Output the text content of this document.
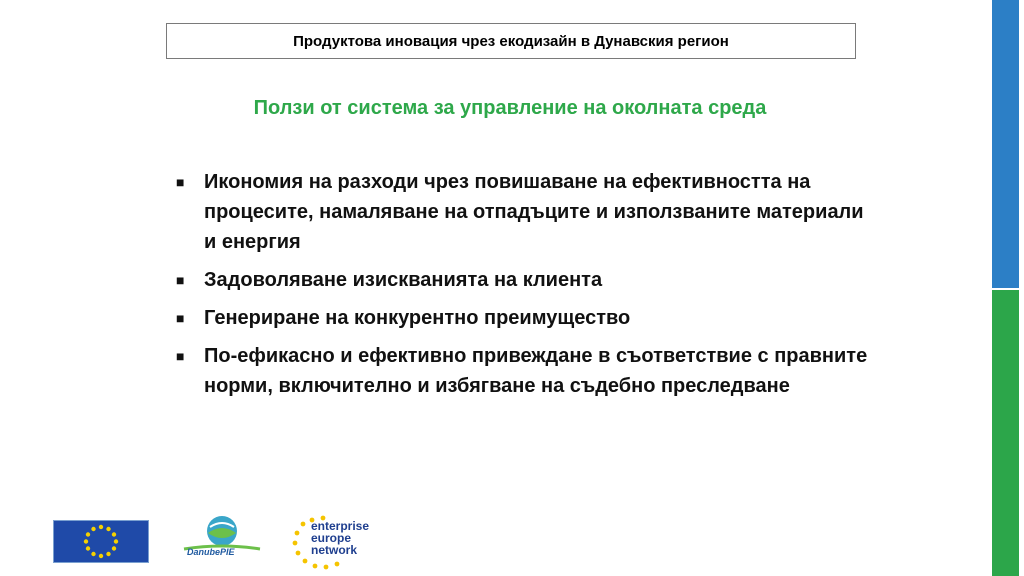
Продуктова иновация чрез екодизайн в Дунавския регион
Ползи от система за управление на околната среда
■ Икономия на разходи чрез повишаване на ефективността на процесите, намаляване на отпадъците и използваните материали и енергия
■ Задоволяване изискванията на клиента
■ Генериране на конкурентно преимущество
■ По-ефикасно и ефективно привеждане в съответствие с правните норми, включително и избягване на съдебно преследване
DanubePIE
enterprise
europe
network
